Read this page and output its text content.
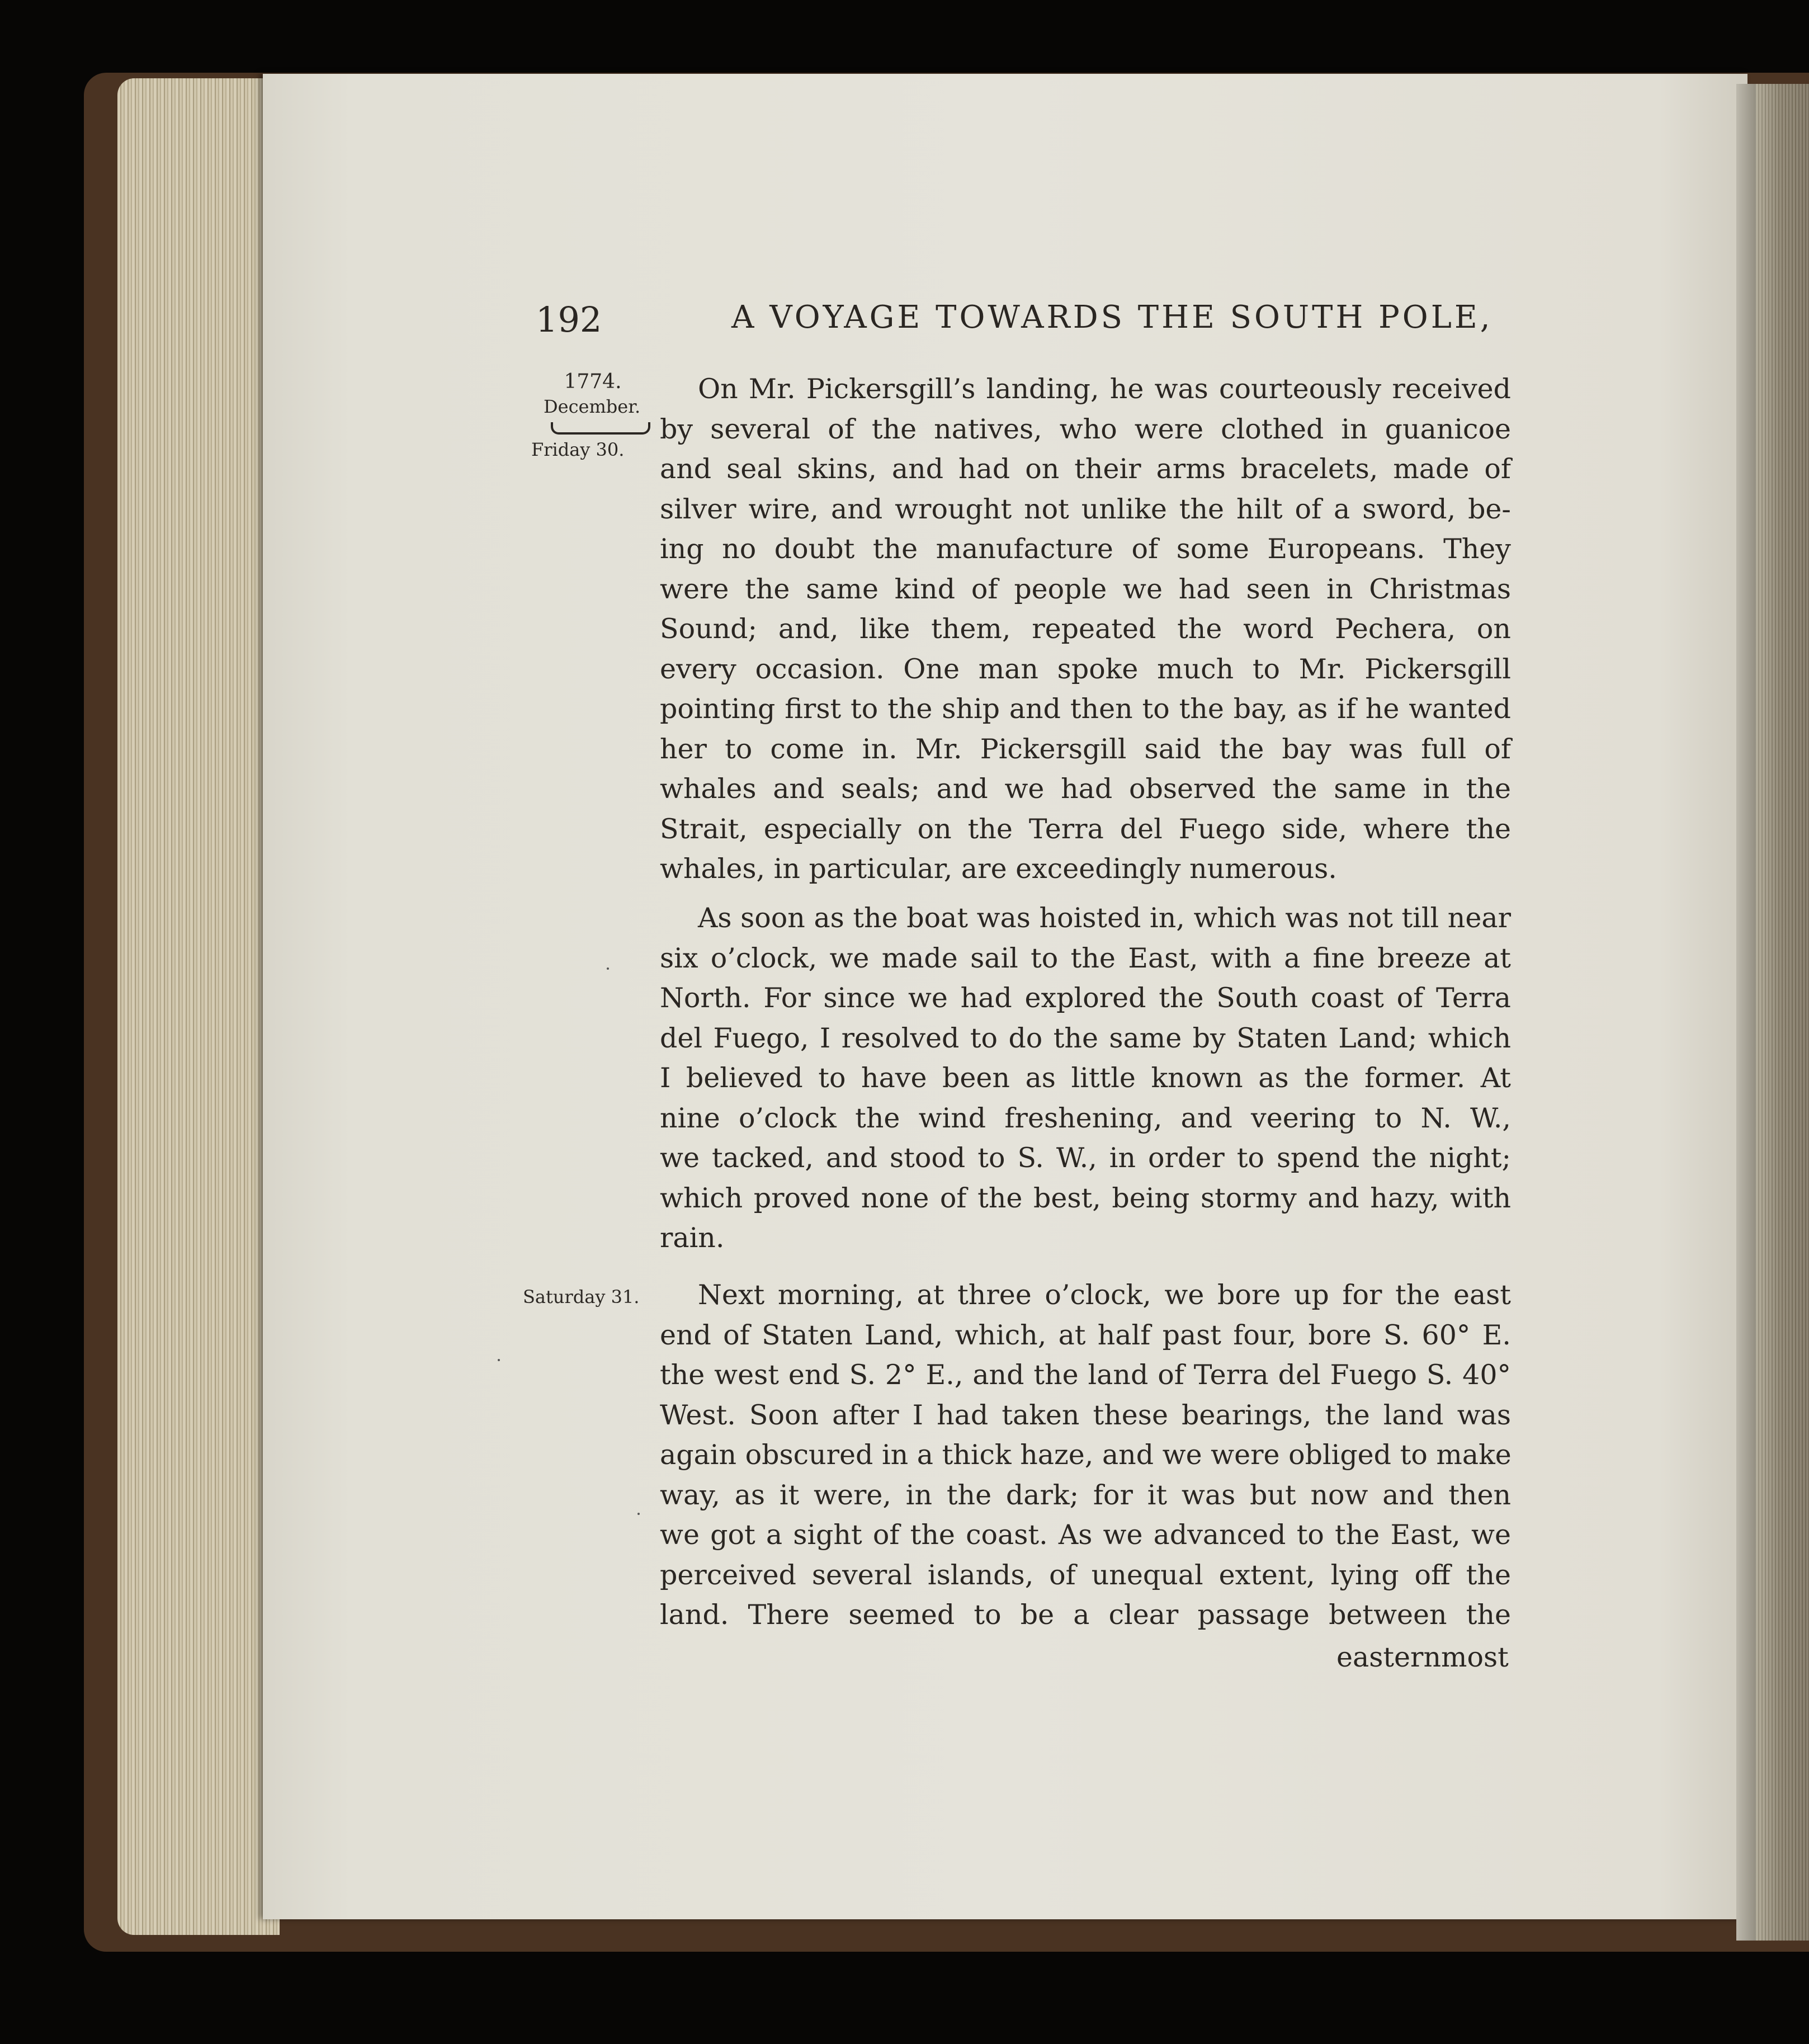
192	A VOYAGE TOWARDS THE SOUTH POLE,
1774.
December.
Friday 30.
Saturday 31.
On Mr. Pickersgill’s landing, he was courteously received
by several of the natives, who were clothed in guanicoe
and seal skins, and had on their arms bracelets, made of
silver wire, and wrought not unlike the hilt of a sword, be-
ing no doubt the manufacture of some Europeans. They
were the same kind of people we had seen in Christmas
Sound; and, like them, repeated the word Pechera, on
every occasion. One man spoke much to Mr. Pickersgill
pointing first to the ship and then to the bay, as if he wanted
her to come in. Mr. Pickersgill said the bay was full of
whales and seals; and we had observed the same in the
Strait, especially on the Terra del Fuego side, where the
whales, in particular, are exceedingly numerous.
As soon as the boat was hoisted in, which was not till near
six o’clock, we made sail to the East, with a fine breeze at
North. For since we had explored the South coast of Terra
del Fuego, I resolved to do the same by Staten Land; which
I believed to have been as little known as the former. At
nine o’clock the wind freshening, and veering to N. W.,
we tacked, and stood to S. W., in order to spend the night;
which proved none of the best, being stormy and hazy, with
rain.
Next morning, at three o’clock, we bore up for the east
end of Staten Land, which, at half past four, bore S. 60° E.
the west end S. 2° E., and the land of Terra del Fuego S. 40°
West. Soon after I had taken these bearings, the land was
again obscured in a thick haze, and we were obliged to make
way, as it were, in the dark; for it was but now and then
we got a sight of the coast. As we advanced to the East, we
perceived several islands, of unequal extent, lying off the
land. There seemed to be a clear passage between the
easternmost
